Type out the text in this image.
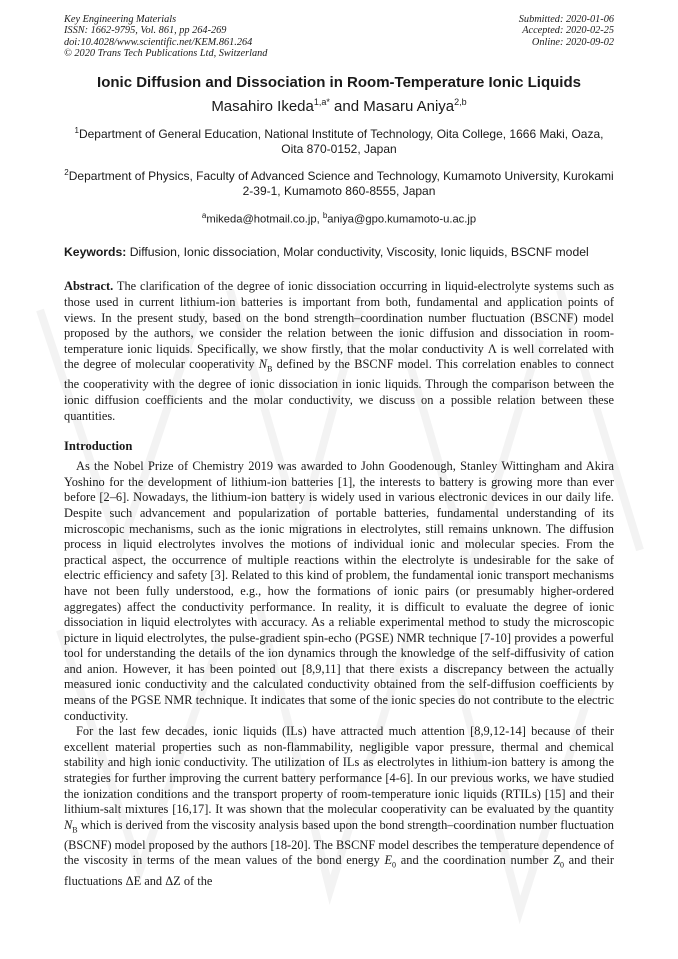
Key Engineering Materials
ISSN: 1662-9795, Vol. 861, pp 264-269
doi:10.4028/www.scientific.net/KEM.861.264
© 2020 Trans Tech Publications Ltd, Switzerland
Submitted: 2020-01-06
Accepted: 2020-02-25
Online: 2020-09-02
Ionic Diffusion and Dissociation in Room-Temperature Ionic Liquids
Masahiro Ikeda$^{1,a*}$ and Masaru Aniya$^{2,b}$
$^1$Department of General Education, National Institute of Technology, Oita College, 1666 Maki, Oaza, Oita 870-0152, Japan
$^2$Department of Physics, Faculty of Advanced Science and Technology, Kumamoto University, Kurokami 2-39-1, Kumamoto 860-8555, Japan
$^a$mikeda@hotmail.co.jp, $^b$aniya@gpo.kumamoto-u.ac.jp
Keywords: Diffusion, Ionic dissociation, Molar conductivity, Viscosity, Ionic liquids, BSCNF model
Abstract. The clarification of the degree of ionic dissociation occurring in liquid-electrolyte systems such as those used in current lithium-ion batteries is important from both, fundamental and application points of views. In the present study, based on the bond strength–coordination number fluctuation (BSCNF) model proposed by the authors, we consider the relation between the ionic diffusion and dissociation in room-temperature ionic liquids. Specifically, we show firstly, that the molar conductivity Λ is well correlated with the degree of molecular cooperativity $N_B$ defined by the BSCNF model. This correlation enables to connect the cooperativity with the degree of ionic dissociation in ionic liquids. Through the comparison between the ionic diffusion coefficients and the molar conductivity, we discuss on a possible relation between these quantities.
Introduction
As the Nobel Prize of Chemistry 2019 was awarded to John Goodenough, Stanley Wittingham and Akira Yoshino for the development of lithium-ion batteries [1], the interests to battery is growing more than ever before [2–6]. Nowadays, the lithium-ion battery is widely used in various electronic devices in our daily life. Despite such advancement and popularization of portable batteries, fundamental understanding of its microscopic mechanisms, such as the ionic migrations in electrolytes, still remains unknown. The diffusion process in liquid electrolytes involves the motions of individual ionic and molecular species. From the practical aspect, the occurrence of multiple reactions within the electrolyte is undesirable for the sake of electric efficiency and safety [3]. Related to this kind of problem, the fundamental ionic transport mechanisms have not been fully understood, e.g., how the formations of ionic pairs (or presumably higher-ordered aggregates) affect the conductivity performance. In reality, it is difficult to evaluate the degree of ionic dissociation in liquid electrolytes with accuracy. As a reliable experimental method to study the microscopic picture in liquid electrolytes, the pulse-gradient spin-echo (PGSE) NMR technique [7-10] provides a powerful tool for understanding the details of the ion dynamics through the knowledge of the self-diffusivity of cation and anion. However, it has been pointed out [8,9,11] that there exists a discrepancy between the actually measured ionic conductivity and the calculated conductivity obtained from the self-diffusion coefficients by means of the PGSE NMR technique. It indicates that some of the ionic species do not contribute to the electric conductivity.
For the last few decades, ionic liquids (ILs) have attracted much attention [8,9,12-14] because of their excellent material properties such as non-flammability, negligible vapor pressure, thermal and chemical stability and high ionic conductivity. The utilization of ILs as electrolytes in lithium-ion battery is among the strategies for further improving the current battery performance [4-6]. In our previous works, we have studied the ionization conditions and the transport property of room-temperature ionic liquids (RTILs) [15] and their lithium-salt mixtures [16,17]. It was shown that the molecular cooperativity can be evaluated by the quantity $N_B$ which is derived from the viscosity analysis based upon the bond strength–coordination number fluctuation (BSCNF) model proposed by the authors [18-20]. The BSCNF model describes the temperature dependence of the viscosity in terms of the mean values of the bond energy $E_0$ and the coordination number $Z_0$ and their fluctuations ΔE and ΔZ of the
